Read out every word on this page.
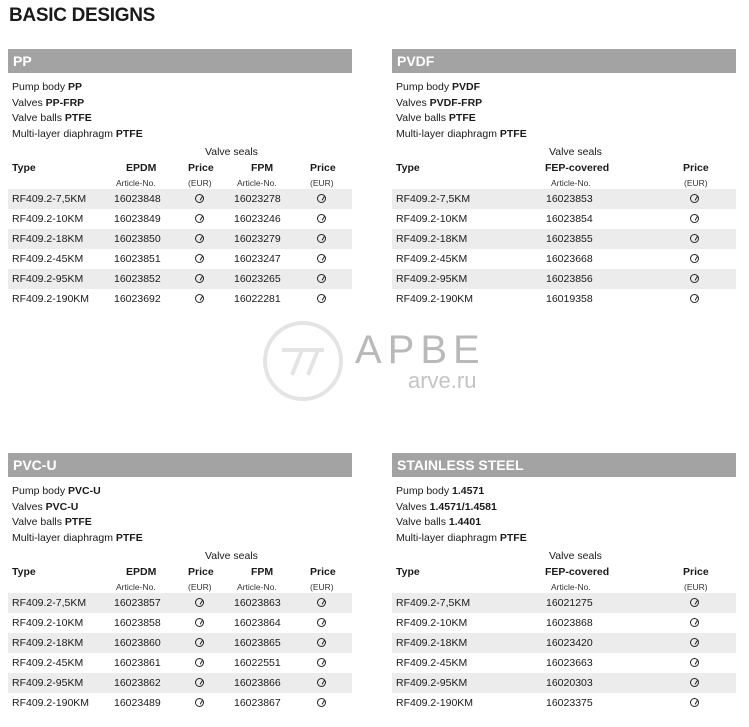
BASIC DESIGNS
APBE
arve.ru
PP
Pump body PP
Valves PP-FRP
Valve balls PTFE
Multi-layer diaphragm PTFE
Valve seals
Type	EPDM	Price	FPM	Price
Article-No.	(EUR)	Article-No.	(EUR)
RF409.2-7,5KM	16023848	16023278
RF409.2-10KM	16023849	16023246
RF409.2-18KM	16023850	16023279
RF409.2-45KM	16023851	16023247
RF409.2-95KM	16023852	16023265
RF409.2-190KM 16023692	16022281
PVDF
Pump body PVDF
Valves PVDF-FRP
Valve balls PTFE
Multi-layer diaphragm PTFE
Valve seals
Type	FEP-covered	Price
Article-No.	(EUR)
RF409.2-7,5KM	16023853
RF409.2-10KM	16023854
RF409.2-18KM	16023855
RF409.2-45KM	16023668
RF409.2-95KM	16023856
RF409.2-190KM	16019358
PVC-U
Pump body PVC-U
Valves PVC-U
Valve balls PTFE
Multi-layer diaphragm PTFE
Valve seals
Type	EPDM	Price	FPM	Price
Article-No.	(EUR)	Article-No.	(EUR)
RF409.2-7,5KM	16023857	16023863
RF409.2-10KM	16023858	16023864
RF409.2-18KM	16023860	16023865
RF409.2-45KM	16023861	16022551
RF409.2-95KM	16023862	16023866
RF409.2-190KM 16023489	16023867
STAINLESS STEEL
Pump body 1.4571
Valves 1.4571/1.4581
Valve balls 1.4401
Multi-layer diaphragm PTFE
Valve seals
Type	FEP-covered	Price
Article-No.	(EUR)
RF409.2-7,5KM	16021275
RF409.2-10KM	16023868
RF409.2-18KM	16023420
RF409.2-45KM	16023663
RF409.2-95KM	16020303
RF409.2-190KM	16023375
